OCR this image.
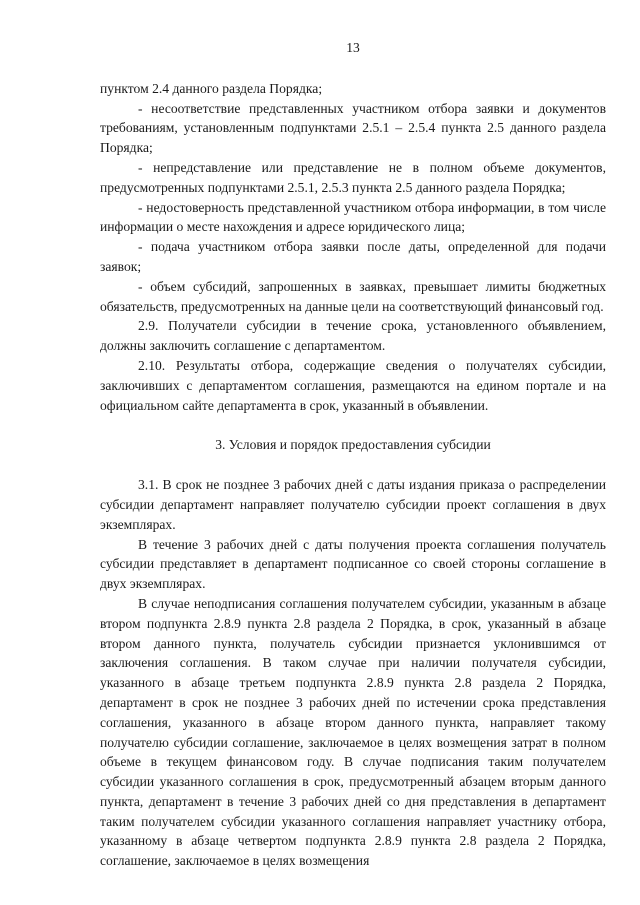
13

пунктом 2.4 данного раздела Порядка;

- несоответствие представленных участником отбора заявки и документов требованиям, установленным подпунктами 2.5.1 – 2.5.4 пункта 2.5 данного раздела Порядка;

- непредставление или представление не в полном объеме документов, предусмотренных подпунктами 2.5.1, 2.5.3 пункта 2.5 данного раздела Порядка;

- недостоверность представленной участником отбора информации, в том числе информации о месте нахождения и адресе юридического лица;

- подача участником отбора заявки после даты, определенной для подачи заявок;

- объем субсидий, запрошенных в заявках, превышает лимиты бюджетных обязательств, предусмотренных на данные цели на соответствующий финансовый год.

2.9. Получатели субсидии в течение срока, установленного объявлением, должны заключить соглашение с департаментом.

2.10. Результаты отбора, содержащие сведения о получателях субсидии, заключивших с департаментом соглашения, размещаются на едином портале и на официальном сайте департамента в срок, указанный в объявлении.

3. Условия и порядок предоставления субсидии

3.1. В срок не позднее 3 рабочих дней с даты издания приказа о распределении субсидии департамент направляет получателю субсидии проект соглашения в двух экземплярах.

В течение 3 рабочих дней с даты получения проекта соглашения получатель субсидии представляет в департамент подписанное со своей стороны соглашение в двух экземплярах.

В случае неподписания соглашения получателем субсидии, указанным в абзаце втором подпункта 2.8.9 пункта 2.8 раздела 2 Порядка, в срок, указанный в абзаце втором данного пункта, получатель субсидии признается уклонившимся от заключения соглашения. В таком случае при наличии получателя субсидии, указанного в абзаце третьем подпункта 2.8.9 пункта 2.8 раздела 2 Порядка, департамент в срок не позднее 3 рабочих дней по истечении срока представления соглашения, указанного в абзаце втором данного пункта, направляет такому получателю субсидии соглашение, заключаемое в целях возмещения затрат в полном объеме в текущем финансовом году. В случае подписания таким получателем субсидии указанного соглашения в срок, предусмотренный абзацем вторым данного пункта, департамент в течение 3 рабочих дней со дня представления в департамент таким получателем субсидии указанного соглашения направляет участнику отбора, указанному в абзаце четвертом подпункта 2.8.9 пункта 2.8 раздела 2 Порядка, соглашение, заключаемое в целях возмещения
